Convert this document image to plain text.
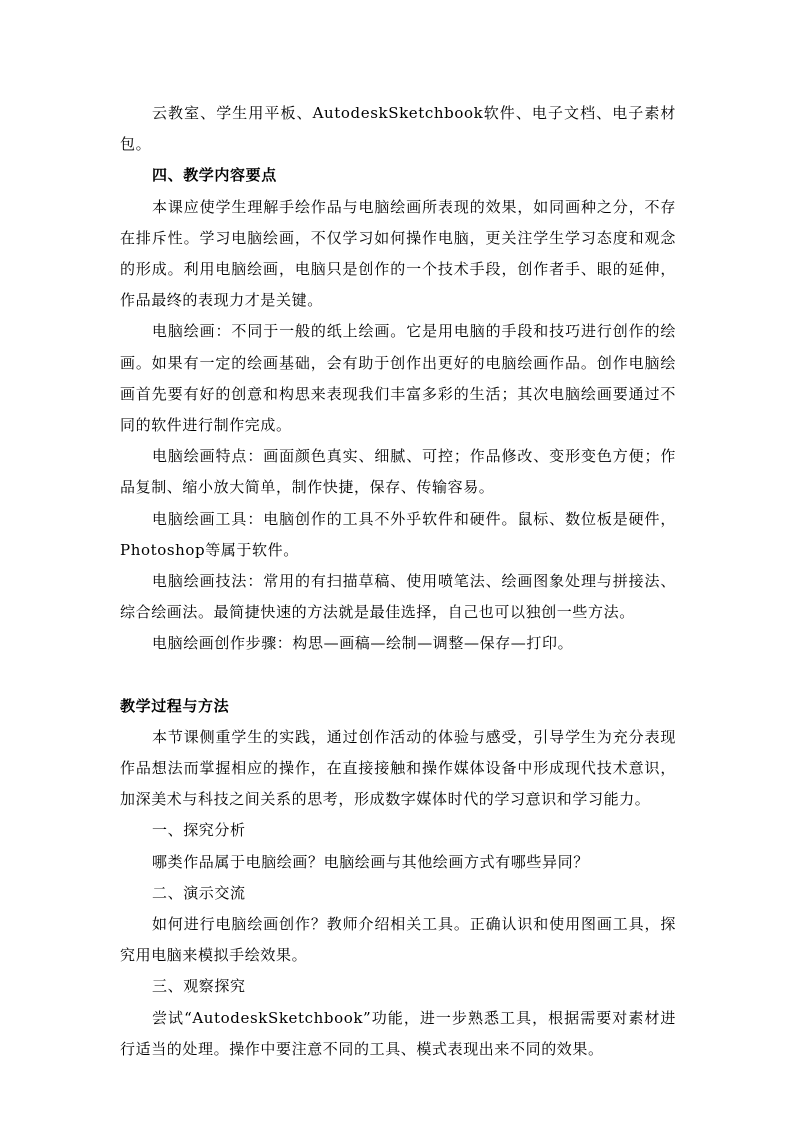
云教室、学生用平板、AutodeskSketchbook软件、电子文档、电子素材包。

四、教学内容要点

本课应使学生理解手绘作品与电脑绘画所表现的效果，如同画种之分，不存在排斥性。学习电脑绘画，不仅学习如何操作电脑，更关注学生学习态度和观念的形成。利用电脑绘画，电脑只是创作的一个技术手段，创作者手、眼的延伸，作品最终的表现力才是关键。

电脑绘画：不同于一般的纸上绘画。它是用电脑的手段和技巧进行创作的绘画。如果有一定的绘画基础，会有助于创作出更好的电脑绘画作品。创作电脑绘画首先要有好的创意和构思来表现我们丰富多彩的生活；其次电脑绘画要通过不同的软件进行制作完成。

电脑绘画特点：画面颜色真实、细腻、可控；作品修改、变形变色方便；作品复制、缩小放大简单，制作快捷，保存、传输容易。

电脑绘画工具：电脑创作的工具不外乎软件和硬件。鼠标、数位板是硬件，Photoshop等属于软件。

电脑绘画技法：常用的有扫描草稿、使用喷笔法、绘画图象处理与拼接法、综合绘画法。最简捷快速的方法就是最佳选择，自己也可以独创一些方法。

电脑绘画创作步骤：构思—画稿—绘制—调整—保存—打印。

教学过程与方法

本节课侧重学生的实践，通过创作活动的体验与感受，引导学生为充分表现作品想法而掌握相应的操作，在直接接触和操作媒体设备中形成现代技术意识，加深美术与科技之间关系的思考，形成数字媒体时代的学习意识和学习能力。

一、探究分析

哪类作品属于电脑绘画？电脑绘画与其他绘画方式有哪些异同？

二、演示交流

如何进行电脑绘画创作？教师介绍相关工具。正确认识和使用图画工具，探究用电脑来模拟手绘效果。

三、观察探究

尝试“AutodeskSketchbook”功能，进一步熟悉工具，根据需要对素材进行适当的处理。操作中要注意不同的工具、模式表现出来不同的效果。
